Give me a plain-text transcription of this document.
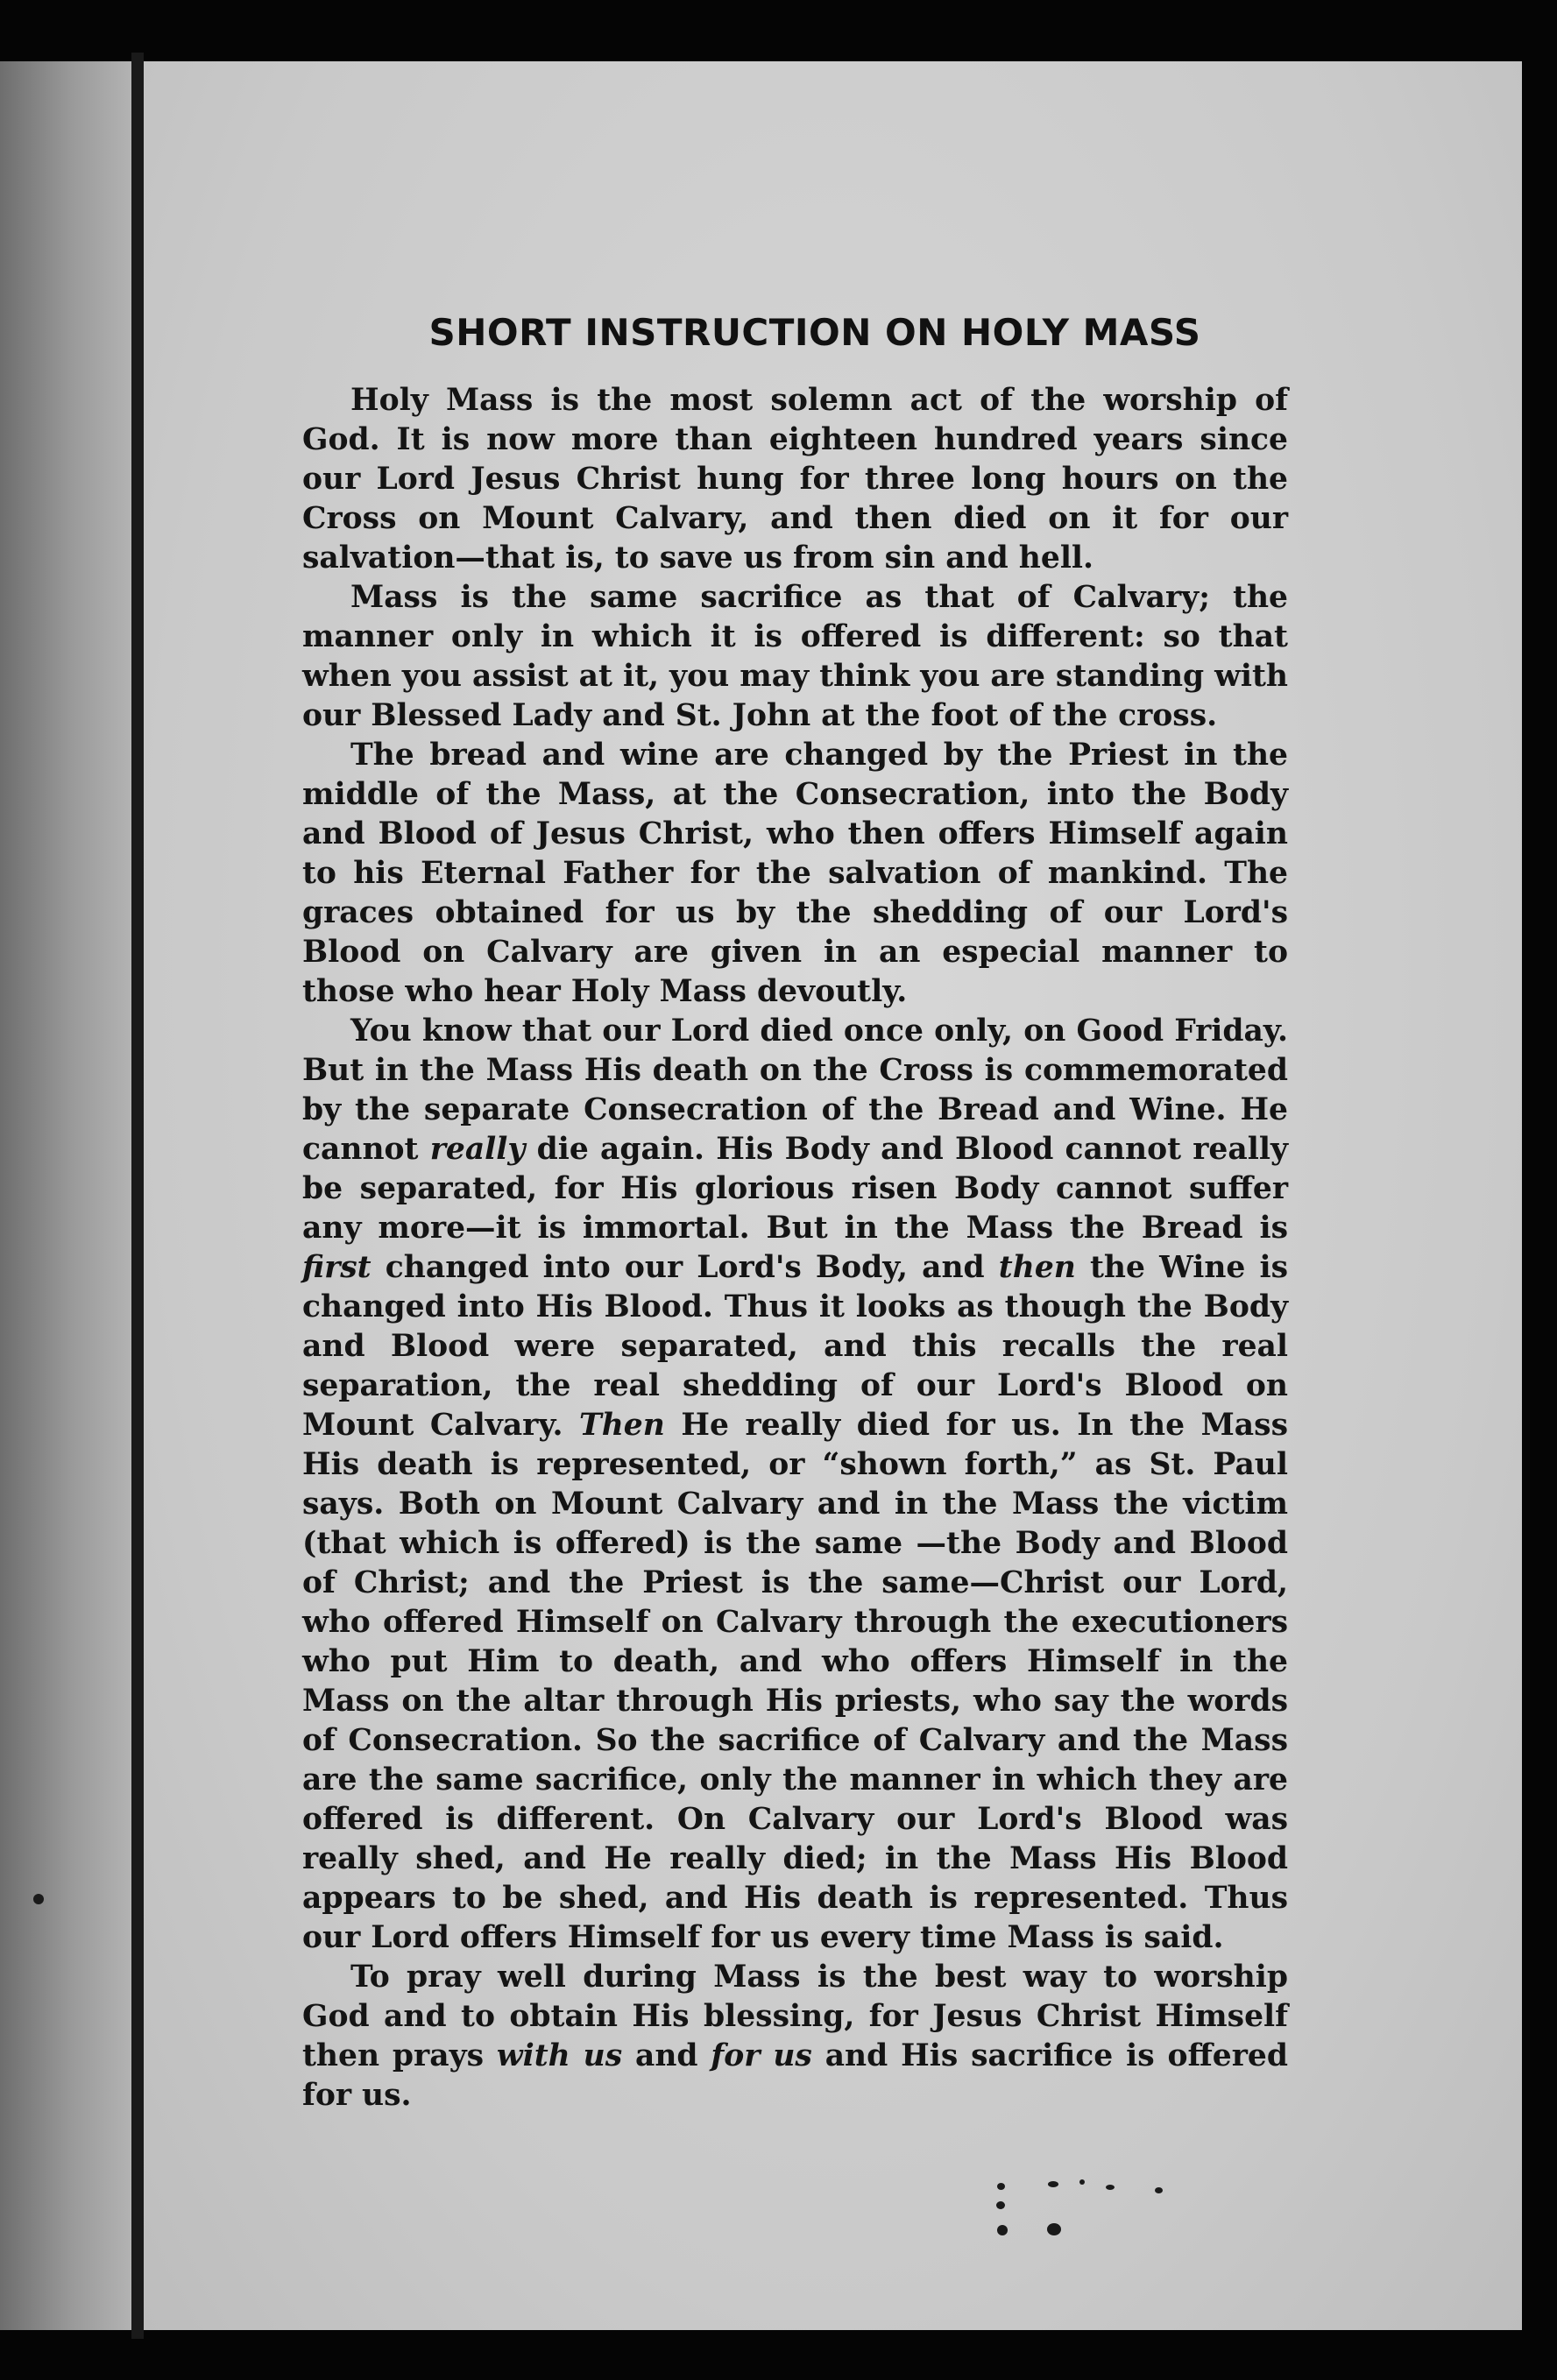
SHORT INSTRUCTION ON HOLY MASS

Holy Mass is the most solemn act of the worship of God. It is now more than eighteen hundred years since our Lord Jesus Christ hung for three long hours on the Cross on Mount Calvary, and then died on it for our salvation—that is, to save us from sin and hell.

Mass is the same sacrifice as that of Calvary; the manner only in which it is offered is different: so that when you assist at it, you may think you are standing with our Blessed Lady and St. John at the foot of the cross.

The bread and wine are changed by the Priest in the middle of the Mass, at the Consecration, into the Body and Blood of Jesus Christ, who then offers Himself again to his Eternal Father for the salvation of mankind. The graces obtained for us by the shedding of our Lord's Blood on Calvary are given in an especial manner to those who hear Holy Mass devoutly.

You know that our Lord died once only, on Good Friday. But in the Mass His death on the Cross is commemorated by the separate Consecration of the Bread and Wine. He cannot really die again. His Body and Blood cannot really be separated, for His glorious risen Body cannot suffer any more—it is immortal. But in the Mass the Bread is first changed into our Lord's Body, and then the Wine is changed into His Blood. Thus it looks as though the Body and Blood were separated, and this recalls the real separation, the real shedding of our Lord's Blood on Mount Calvary. Then He really died for us. In the Mass His death is represented, or “shown forth,” as St. Paul says. Both on Mount Calvary and in the Mass the victim (that which is offered) is the same —the Body and Blood of Christ; and the Priest is the same—Christ our Lord, who offered Himself on Calvary through the executioners who put Him to death, and who offers Himself in the Mass on the altar through His priests, who say the words of Consecration. So the sacrifice of Calvary and the Mass are the same sacrifice, only the manner in which they are offered is different. On Calvary our Lord's Blood was really shed, and He really died; in the Mass His Blood appears to be shed, and His death is represented. Thus our Lord offers Himself for us every time Mass is said.

To pray well during Mass is the best way to worship God and to obtain His blessing, for Jesus Christ Himself then prays with us and for us and His sacrifice is offered for us.
